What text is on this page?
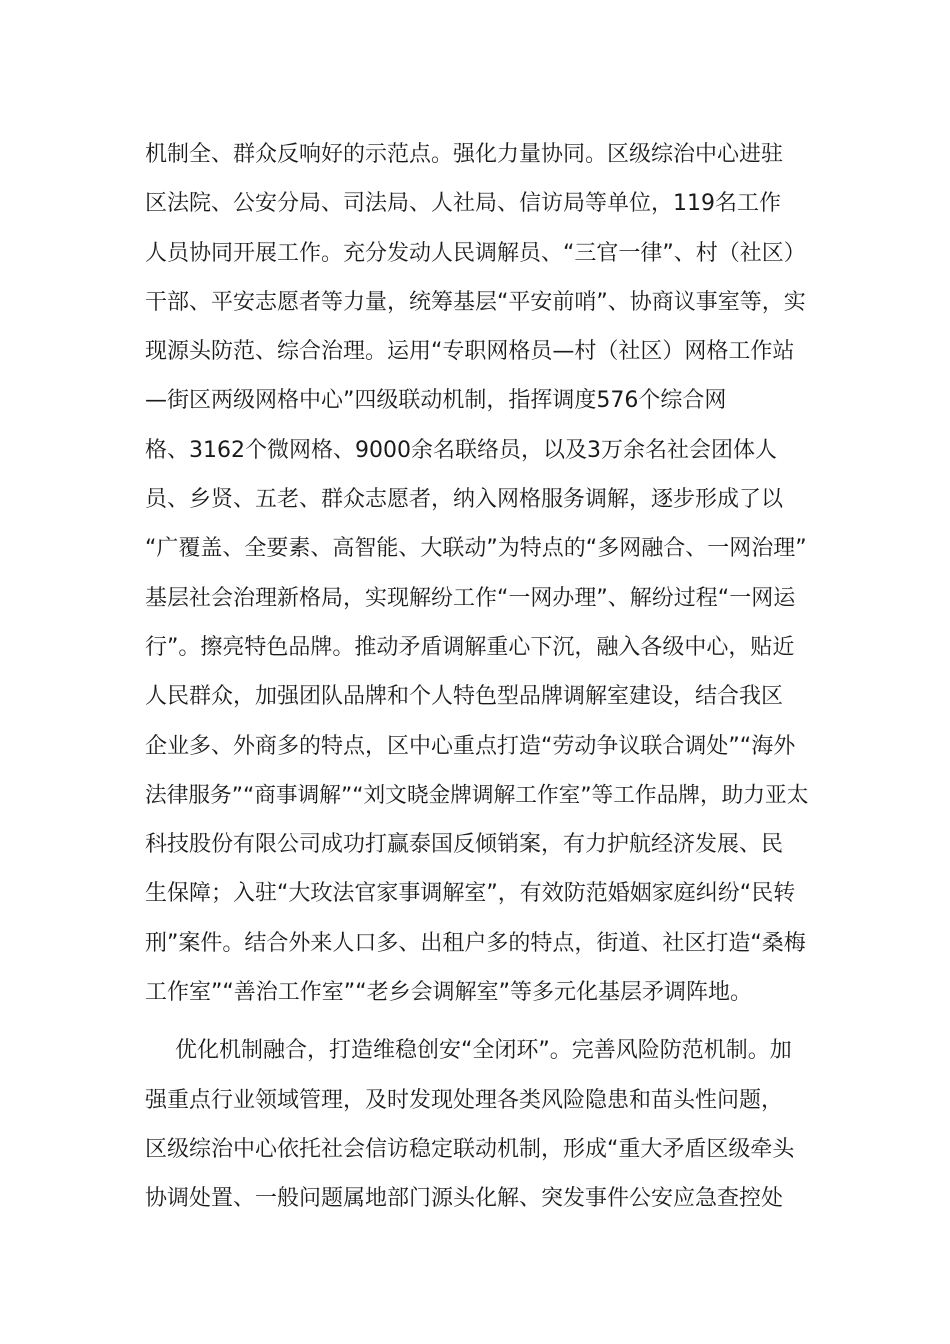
机制全、群众反响好的示范点。强化力量协同。区级综治中心进驻
区法院、公安分局、司法局、人社局、信访局等单位，119名工作
人员协同开展工作。充分发动人民调解员、“三官一律”、村（社区）
干部、平安志愿者等力量，统筹基层“平安前哨”、协商议事室等，实
现源头防范、综合治理。运用“专职网格员—村（社区）网格工作站
—街区两级网格中心”四级联动机制，指挥调度576个综合网
格、3162个微网格、9000余名联络员，以及3万余名社会团体人
员、乡贤、五老、群众志愿者，纳入网格服务调解，逐步形成了以
“广覆盖、全要素、高智能、大联动”为特点的“多网融合、一网治理”
基层社会治理新格局，实现解纷工作“一网办理”、解纷过程“一网运
行”。擦亮特色品牌。推动矛盾调解重心下沉，融入各级中心，贴近
人民群众，加强团队品牌和个人特色型品牌调解室建设，结合我区
企业多、外商多的特点，区中心重点打造“劳动争议联合调处”“海外
法律服务”“商事调解”“刘文晓金牌调解工作室”等工作品牌，助力亚太
科技股份有限公司成功打赢泰国反倾销案，有力护航经济发展、民
生保障；入驻“大玫法官家事调解室”，有效防范婚姻家庭纠纷“民转
刑”案件。结合外来人口多、出租户多的特点，街道、社区打造“桑梅
工作室”“善治工作室”“老乡会调解室”等多元化基层矛调阵地。
优化机制融合，打造维稳创安“全闭环”。完善风险防范机制。加
强重点行业领域管理，及时发现处理各类风险隐患和苗头性问题，
区级综治中心依托社会信访稳定联动机制，形成“重大矛盾区级牵头
协调处置、一般问题属地部门源头化解、突发事件公安应急查控处
